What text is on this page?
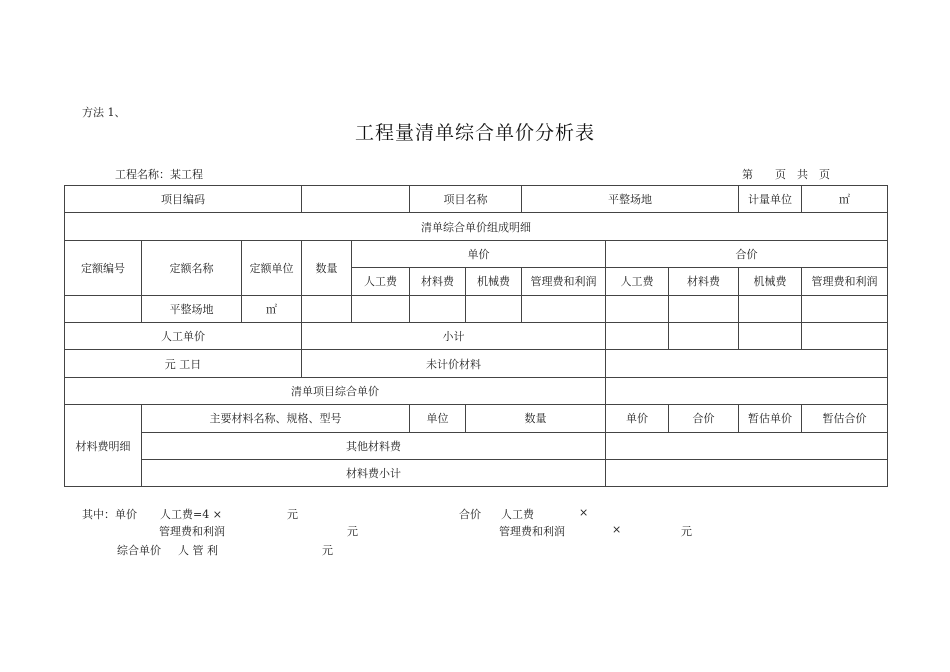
方法 1、
工程量清单综合单价分析表
工程名称：某工程	第　　页　共　页
项目编码					项目名称		平整场地			计量单位	㎡
清单综合单价组成明细											
定额编号	定额名称	定额单位	数量	单价				合价			
				人工费	材料费	机械费	管理费和利润	人工费	材料费	机械费	管理费和利润
	平整场地	㎡									
人工单价			小计								
元 工日			未计价材料								
清单项目综合单价											
材料费明细	主要材料名称、规格、型号				单位	数量		单价	合价	暂估单价	暂估合价
	其他材料费										
	材料费小计										
其中：单价 人工费=4 ×	元	合价 人工费	×
管理费和利润	元	管理费和利润	×	元
综合单价 人 管 利	元
